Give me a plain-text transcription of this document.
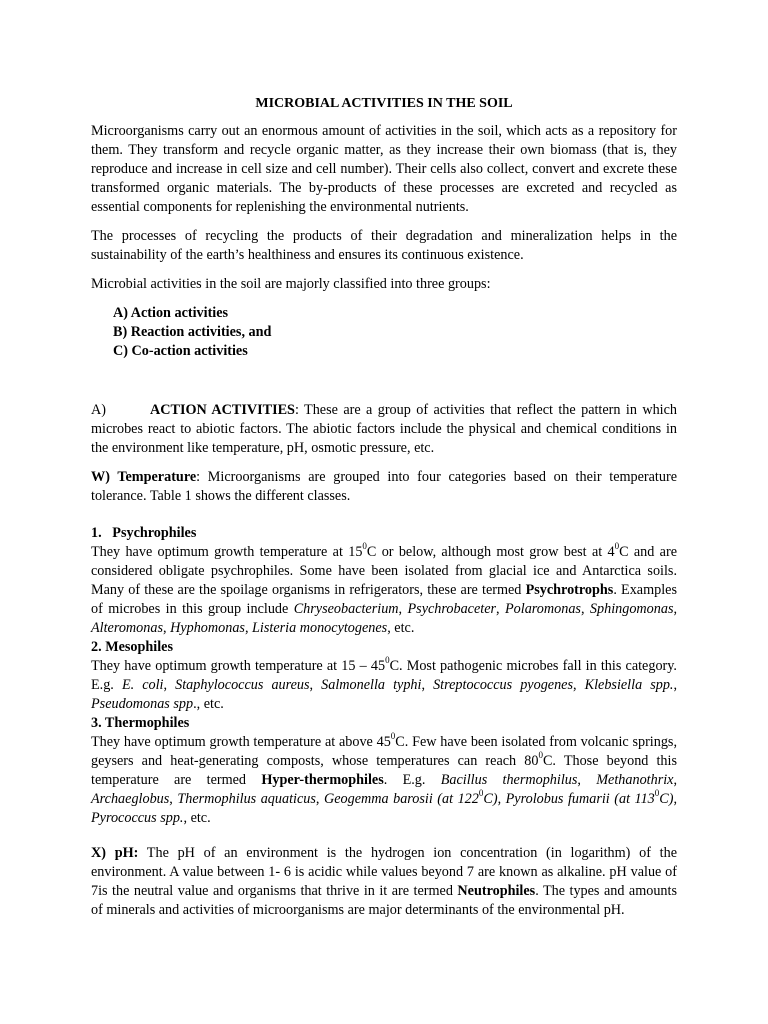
MICROBIAL ACTIVITIES IN THE SOIL

Microorganisms carry out an enormous amount of activities in the soil, which acts as a repository for them. They transform and recycle organic matter, as they increase their own biomass (that is, they reproduce and increase in cell size and cell number). Their cells also collect, convert and excrete these transformed organic materials. The by-products of these processes are excreted and recycled as essential components for replenishing the environmental nutrients.

The processes of recycling the products of their degradation and mineralization helps in the sustainability of the earth’s healthiness and ensures its continuous existence.

Microbial activities in the soil are majorly classified into three groups:

A) Action activities
B) Reaction activities, and
C) Co-action activities

A)	ACTION ACTIVITIES: These are a group of activities that reflect the pattern in which microbes react to abiotic factors. The abiotic factors include the physical and chemical conditions in the environment like temperature, pH, osmotic pressure, etc.

W) Temperature: Microorganisms are grouped into four categories based on their temperature tolerance. Table 1 shows the different classes.

1.   Psychrophiles

They have optimum growth temperature at $15^0C$ or below, although most grow best at $4^0C$ and are considered obligate psychrophiles. Some have been isolated from glacial ice and Antarctica soils. Many of these are the spoilage organisms in refrigerators, these are termed Psychrotrophs. Examples of microbes in this group include Chryseobacterium, Psychrobaceter, Polaromonas, Sphingomonas, Alteromonas, Hyphomonas, Listeria monocytogenes, etc.

2. Mesophiles

They have optimum growth temperature at $15 - 45^0C$. Most pathogenic microbes fall in this category. E.g. E. coli, Staphylococcus aureus, Salmonella typhi, Streptococcus pyogenes, Klebsiella spp., Pseudomonas spp., etc.

3. Thermophiles

They have optimum growth temperature at above $45^0C$. Few have been isolated from volcanic springs, geysers and heat-generating composts, whose temperatures can reach $80^0C$. Those beyond this temperature are termed Hyper-thermophiles. E.g. Bacillus thermophilus, Methanothrix, Archaeglobus, Thermophilus aquaticus, Geogemma barosii (at $122^0C$), Pyrolobus fumarii (at $113^0C$), Pyrococcus spp., etc.

X) pH: The pH of an environment is the hydrogen ion concentration (in logarithm) of the environment. A value between 1- 6 is acidic while values beyond 7 are known as alkaline. pH value of 7is the neutral value and organisms that thrive in it are termed Neutrophiles. The types and amounts of minerals and activities of microorganisms are major determinants of the environmental pH.
